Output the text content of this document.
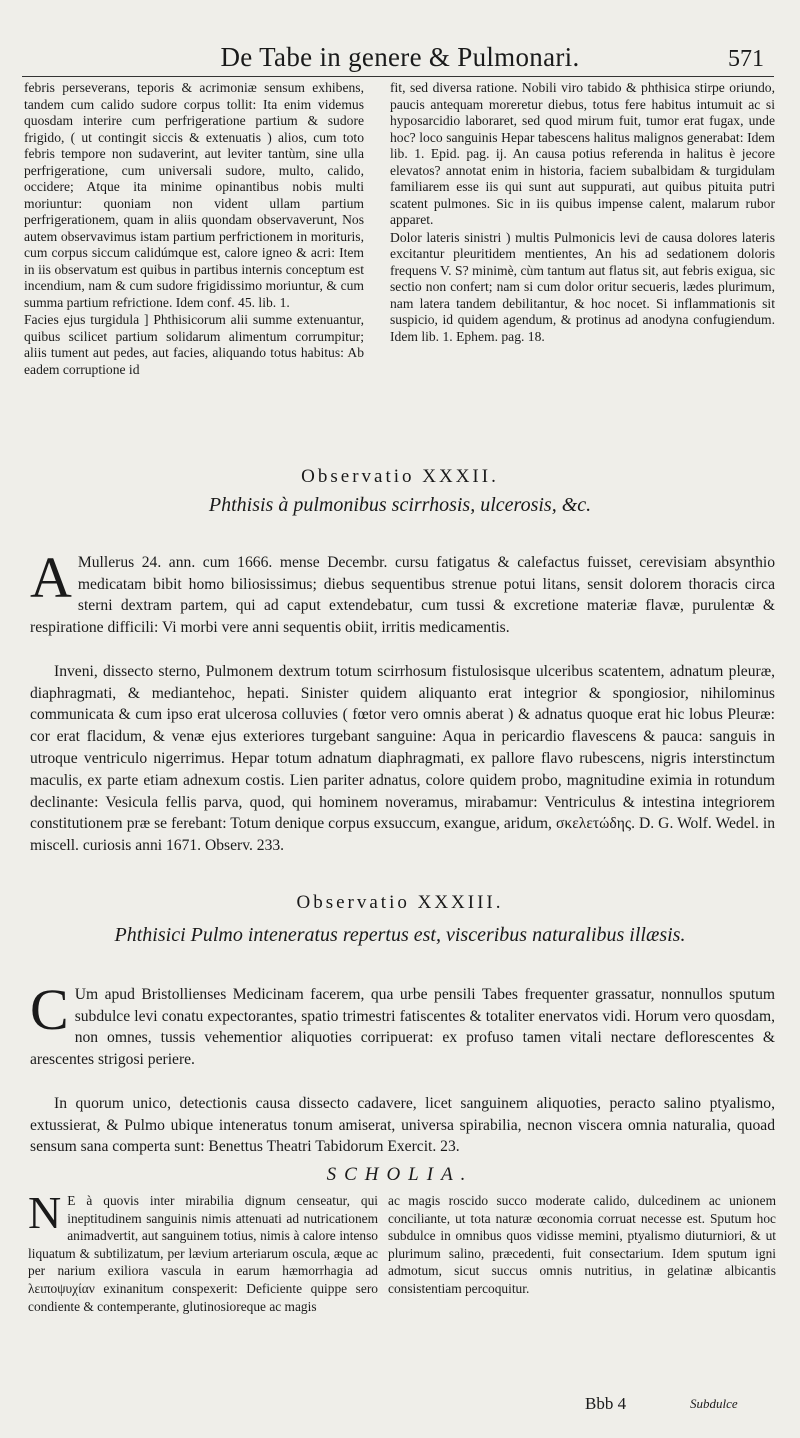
De Tabe in genere & Pulmonari.	571

febris perseverans, teporis & acrimoniæ sensum exhibens, tandem cum calido sudore corpus tollit: Ita enim videmus quosdam interire cum perfrigeratione partium & sudore frigido, ( ut contingit siccis & extenuatis ) alios, cum toto febris tempore non sudaverint, aut leviter tantùm, sine ulla perfrigeratione, cum universali sudore, multo, calido, occidere; Atque ita minime opinantibus nobis multi moriuntur: quoniam non vident ullam partium perfrigerationem, quam in aliis quondam observaverunt, Nos autem observavimus istam partium perfrictionem in morituris, cum corpus siccum calidúmque est, calore igneo & acri: Item in iis observatum est quibus in partibus internis conceptum est incendium, nam & cum sudore frigidissimo moriuntur, & cum summa partium refrictione. Idem conf. 45. lib. 1.

Facies ejus turgidula ] Phthisicorum alii summe extenuantur, quibus scilicet partium solidarum alimentum corrumpitur; aliis tument aut pedes, aut facies, aliquando totus habitus: Ab eadem corruptione id

fit, sed diversa ratione. Nobili viro tabido & phthisica stirpe oriundo, paucis antequam moreretur diebus, totus fere habitus intumuit ac si hyposarcidio laboraret, sed quod mirum fuit, tumor erat fugax, unde hoc? loco sanguinis Hepar tabescens halitus malignos generabat: Idem lib. 1. Epid. pag. ij. An causa potius referenda in halitus è jecore elevatos? annotat enim in historia, faciem subalbidam & turgidulam familiarem esse iis qui sunt aut suppurati, aut quibus pituita putri scatent pulmones. Sic in iis quibus impense calent, malarum rubor apparet.

Dolor lateris sinistri ) multis Pulmonicis levi de causa dolores lateris excitantur pleuritidem mentientes, An his ad sedationem doloris frequens V. S? minimè, cùm tantum aut flatus sit, aut febris exigua, sic sectio non confert; nam si cum dolor oritur secueris, lædes plurimum, nam latera tandem debilitantur, & hoc nocet. Si inflammationis sit suspicio, id quidem agendum, & protinus ad anodyna confugiendum. Idem lib. 1. Ephem. pag. 18.

Observatio XXXII.
Phthisis à pulmonibus scirrhosis, ulcerosis, &c.

A Mullerus 24. ann. cum 1666. mense Decembr. cursu fatigatus & calefactus fuisset, cerevisiam absynthio medicatam bibit homo biliosissimus; diebus sequentibus strenue potui litans, sensit dolorem thoracis circa sterni dextram partem, qui ad caput extendebatur, cum tussi & excretione materiæ flavæ, purulentæ & respiratione difficili: Vi morbi vere anni sequentis obiit, irritis medicamentis.

Inveni, dissecto sterno, Pulmonem dextrum totum scirrhosum fistulosisque ulceribus scatentem, adnatum pleuræ, diaphragmati, & mediantehoc, hepati. Sinister quidem aliquanto erat integrior & spongiosior, nihilominus communicata & cum ipso erat ulcerosa colluvies ( fœtor vero omnis aberat ) & adnatus quoque erat hic lobus Pleuræ: cor erat flacidum, & venæ ejus exteriores turgebant sanguine: Aqua in pericardio flavescens & pauca: sanguis in utroque ventriculo nigerrimus. Hepar totum adnatum diaphragmati, ex pallore flavo rubescens, nigris interstinctum maculis, ex parte etiam adnexum costis. Lien pariter adnatus, colore quidem probo, magnitudine eximia in rotundum declinante: Vesicula fellis parva, quod, qui hominem noveramus, mirabamur: Ventriculus & intestina integriorem constitutionem præ se ferebant: Totum denique corpus exsuccum, exangue, aridum, σκελετώδης. D. G. Wolf. Wedel. in miscell. curiosis anni 1671. Observ. 233.

Observatio XXXIII.
Phthisici Pulmo inteneratus repertus est, visceribus naturalibus illæsis.

C Um apud Bristollienses Medicinam facerem, qua urbe pensili Tabes frequenter grassatur, nonnullos sputum subdulce levi conatu expectorantes, spatio trimestri fatiscentes & totaliter enervatos vidi. Horum vero quosdam, non omnes, tussis vehementior aliquoties corripuerat: ex profuso tamen vitali nectare deflorescentes & arescentes strigosi periere.

In quorum unico, detectionis causa dissecto cadavere, licet sanguinem aliquoties, peracto salino ptyalismo, extussierat, & Pulmo ubique inteneratus tonum amiserat, universa spirabilia, necnon viscera omnia naturalia, quoad sensum sana comperta sunt: Benettus Theatri Tabidorum Exercit. 23.

SCHOLIA.
N E à quovis inter mirabilia dignum censeatur, qui ineptitudinem sanguinis nimis attenuati ad nutricationem animadvertit, aut sanguinem totius, nimis à calore intenso liquatum & subtilizatum, per lævium arteriarum oscula, æque ac per narium exiliora vascula in earum hæmorrhagia ad λειποψυχίαν exinanitum conspexerit: Deficiente quippe sero condiente & contemperante, glutinosioreque ac magis
ac magis roscido succo moderate calido, dulcedinem ac unionem conciliante, ut tota naturæ œconomia corruat necesse est. Sputum hoc subdulce in omnibus quos vidisse memini, ptyalismo diuturniori, & ut plurimum salino, præcedenti, fuit consectarium. Idem sputum igni admotum, sicut succus omnis nutritius, in gelatinæ albicantis consistentiam percoquitur.
Bbb 4	Subdulce
